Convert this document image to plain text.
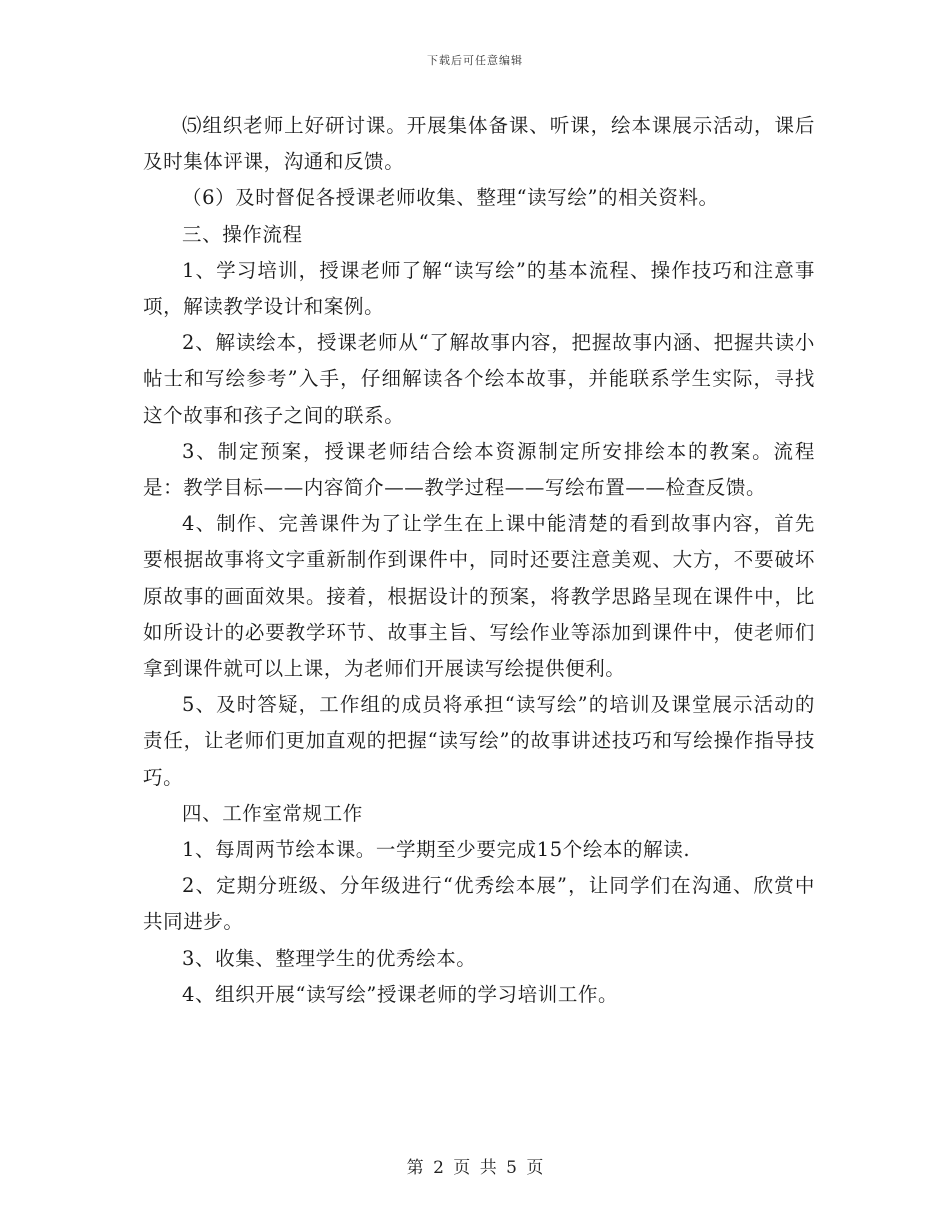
下载后可任意编辑

⑸组织老师上好研讨课。开展集体备课、听课，绘本课展示活动，课后及时集体评课，沟通和反馈。

（6）及时督促各授课老师收集、整理“读写绘”的相关资料。

三、操作流程

1、学习培训，授课老师了解“读写绘”的基本流程、操作技巧和注意事项，解读教学设计和案例。

2、解读绘本，授课老师从“了解故事内容，把握故事内涵、把握共读小帖士和写绘参考”入手，仔细解读各个绘本故事，并能联系学生实际，寻找这个故事和孩子之间的联系。

3、制定预案，授课老师结合绘本资源制定所安排绘本的教案。流程是：教学目标——内容简介——教学过程——写绘布置——检查反馈。

4、制作、完善课件为了让学生在上课中能清楚的看到故事内容，首先要根据故事将文字重新制作到课件中，同时还要注意美观、大方，不要破坏原故事的画面效果。接着，根据设计的预案，将教学思路呈现在课件中，比如所设计的必要教学环节、故事主旨、写绘作业等添加到课件中，使老师们拿到课件就可以上课，为老师们开展读写绘提供便利。

5、及时答疑，工作组的成员将承担“读写绘”的培训及课堂展示活动的责任，让老师们更加直观的把握“读写绘”的故事讲述技巧和写绘操作指导技巧。

四、工作室常规工作

1、每周两节绘本课。一学期至少要完成15个绘本的解读.

2、定期分班级、分年级进行“优秀绘本展”，让同学们在沟通、欣赏中共同进步。

3、收集、整理学生的优秀绘本。

4、组织开展“读写绘”授课老师的学习培训工作。

第 2 页 共 5 页
